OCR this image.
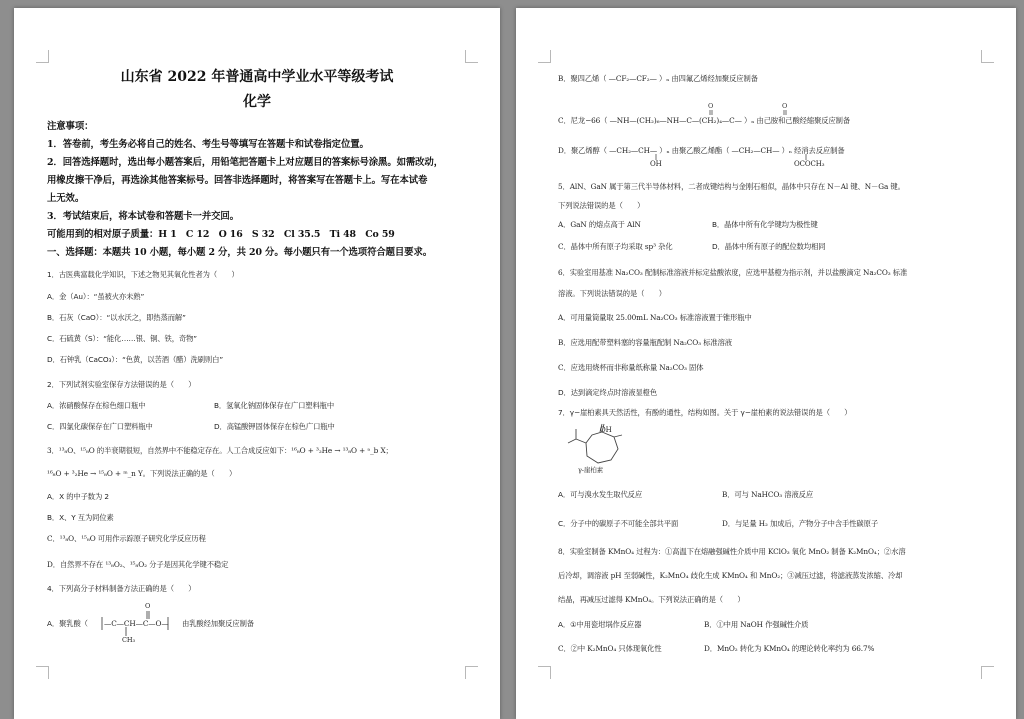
山东省 2022 年普通高中学业水平等级考试
化学
注意事项：
1．答卷前，考生务必将自己的姓名、考生号等填写在答题卡和试卷指定位置。
2．回答选择题时，选出每小题答案后，用铅笔把答题卡上对应题目的答案标号涂黑。如需改动，
用橡皮擦干净后，再选涂其他答案标号。回答非选择题时，将答案写在答题卡上。写在本试卷
上无效。
3．考试结束后，将本试卷和答题卡一并交回。
可能用到的相对原子质量：H 1　C 12　O 16　S 32　Cl 35.5　Ti 48　Co 59
一、选择题：本题共 10 小题，每小题 2 分，共 20 分。每小题只有一个选项符合题目要求。
1．古医典富载化学知识，下述之物见其氧化性者为（　　）
A．金（Au）：“虽被火亦未熟”
B．石灰（CaO）：“以水沃之，即热蒸而解”
C．石硫黄（S）：“能化……银、铜、铁，奇物”
D．石钟乳（CaCO₃）：“色黄，以苦酒（醋）洗刷则白”
2．下列试剂实验室保存方法错误的是（　　）
A．浓硝酸保存在棕色细口瓶中	B．氢氧化钠固体保存在广口塑料瓶中
C．四氯化碳保存在广口塑料瓶中	D．高锰酸钾固体保存在棕色广口瓶中
3．¹³₈O、¹⁵₈O 的半衰期很短，自然界中不能稳定存在。人工合成反应如下：¹⁶₈O + ³₂He → ¹³₈O + ᵃ_b X；
¹⁶₈O + ³₂He → ¹⁵₈O + ᵐ_n Y。下列说法正确的是（　　）
A．X 的中子数为 2
B．X、Y 互为同位素
C．¹³₈O、¹⁵₈O 可用作示踪原子研究化学反应历程
D．自然界不存在 ¹³₈O₂、¹⁵₈O₂ 分子是因其化学键不稳定
4．下列高分子材料制备方法正确的是（　　）
A．聚乳酸（ —C—CH—C—O—
O
CH₃
由乳酸经加聚反应制备
B．聚四乙烯（ —CF₂—CF₂— ）ₙ 由四氟乙烯经加聚反应制备
C．尼龙−66（ —NH—(CH₂)₆—NH—C—(CH₂)₄—C— ）ₙ 由己胺和己酸经缩聚反应制备
O	O
D．聚乙烯醇（ —CH₂—CH— ）ₙ 由聚乙酸乙烯酯（ —CH₂—CH— ）ₙ 经消去反应制备
OH	OCOCH₃
5．AlN、GaN 属于第三代半导体材料，二者成键结构与金刚石相似，晶体中只存在 N－Al 键、N－Ga 键。
下列说法错误的是（　　）
A．GaN 的熔点高于 AlN	B．晶体中所有化学键均为极性键
C．晶体中所有原子均采取 sp³ 杂化	D．晶体中所有原子的配位数均相同
6．实验室用基准 Na₂CO₃ 配制标准溶液并标定盐酸浓度，应选甲基橙为指示剂，并以盐酸滴定 Na₂CO₃ 标准
溶液。下列说法错误的是（　　）
A．可用量筒量取 25.00mL Na₂CO₃ 标准溶液置于锥形瓶中
B．应选用配带塑料塞的容量瓶配制 Na₂CO₃ 标准溶液
C．应选用烧杯而非称量纸称量 Na₂CO₃ 固体
D．达到滴定终点时溶液显橙色
7．γ−崖柏素具天然活性，有酚的通性，结构如图。关于 γ−崖柏素的说法错误的是（　　）
OH
O
γ-崖柏素
A．可与溴水发生取代反应	B．可与 NaHCO₃ 溶液反应
C．分子中的碳原子不可能全部共平面	D．与足量 H₂ 加成后，产物分子中含手性碳原子
8．实验室制备 KMnO₄ 过程为：①高温下在熔融强碱性介质中用 KClO₃ 氧化 MnO₂ 制备 K₂MnO₄；②水溶
后冷却，调溶液 pH 至弱碱性，K₂MnO₄ 歧化生成 KMnO₄ 和 MnO₂；③减压过滤，将滤液蒸发浓缩、冷却
结晶，再减压过滤得 KMnO₄。下列说法正确的是（　　）
A．①中用瓷坩埚作反应器	B．①中用 NaOH 作强碱性介质
C．②中 K₂MnO₄ 只体现氧化性	D．MnO₂ 转化为 KMnO₄ 的理论转化率约为 66.7%
